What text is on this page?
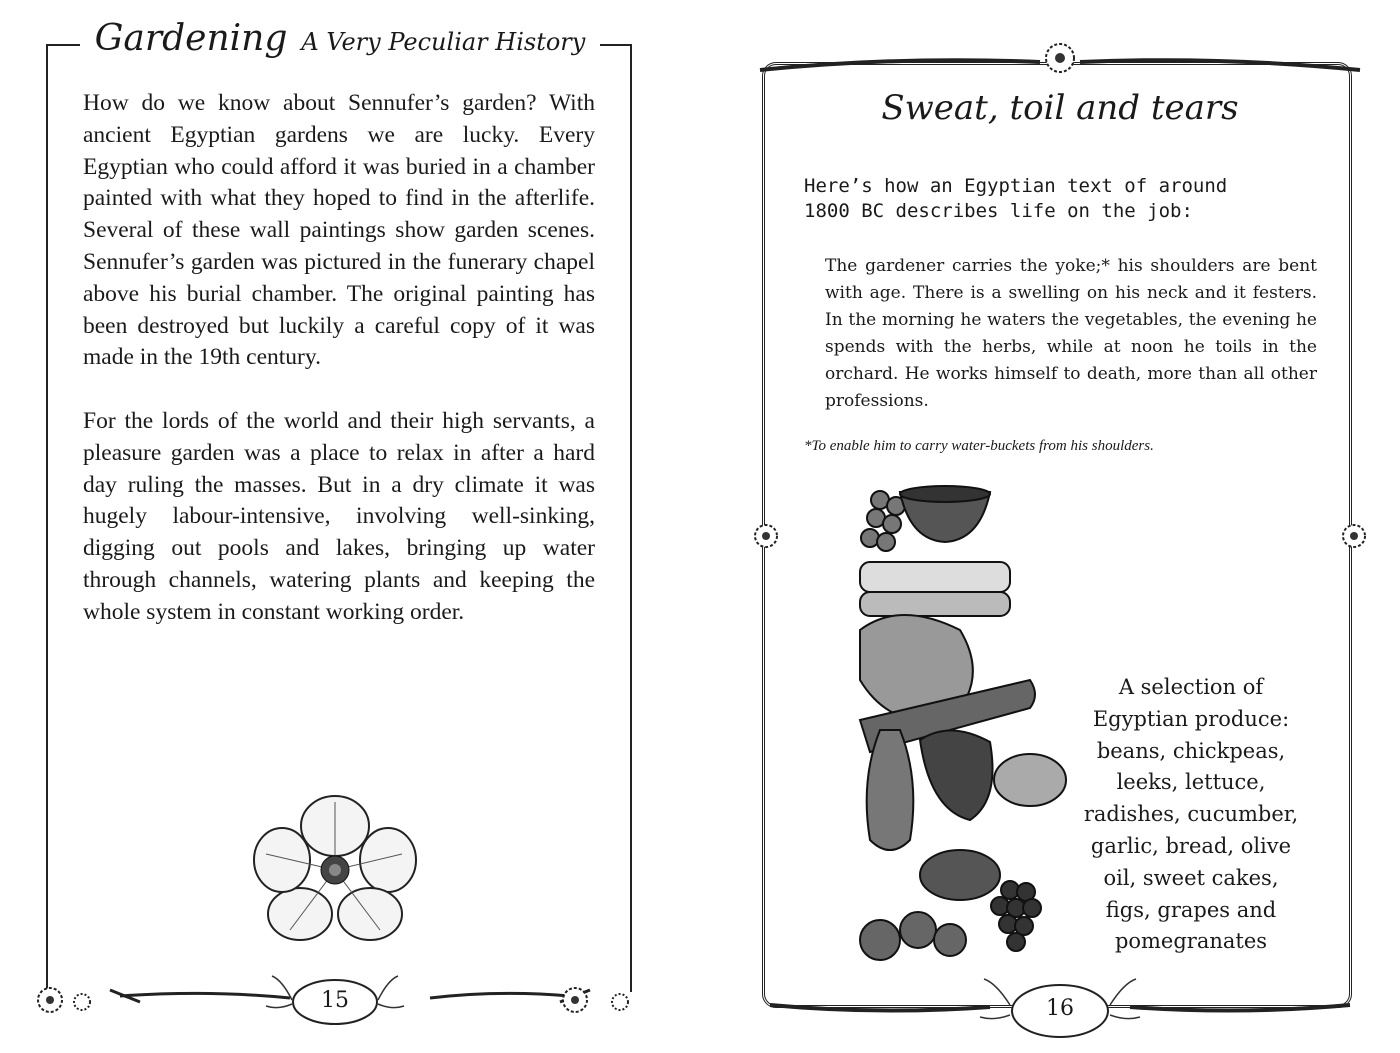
Gardening A Very Peculiar History

How do we know about Sennufer’s garden? With ancient Egyptian gardens we are lucky. Every Egyptian who could afford it was buried in a chamber painted with what they hoped to find in the afterlife. Several of these wall paintings show garden scenes. Sennufer’s garden was pictured in the funerary chapel above his burial chamber. The original painting has been destroyed but luckily a careful copy of it was made in the 19th century.

For the lords of the world and their high servants, a pleasure garden was a place to relax in after a hard day ruling the masses. But in a dry climate it was hugely labour-intensive, involving well-sinking, digging out pools and lakes, bringing up water through channels, watering plants and keeping the whole system in constant working order.

15
Sweat, toil and tears

Here’s how an Egyptian text of around 1800 BC describes life on the job:

The gardener carries the yoke;* his shoulders are bent with age. There is a swelling on his neck and it festers. In the morning he waters the vegetables, the evening he spends with the herbs, while at noon he toils in the orchard. He works himself to death, more than all other professions.

*To enable him to carry water-buckets from his shoulders.

A selection of Egyptian produce: beans, chickpeas, leeks, lettuce, radishes, cucumber, garlic, bread, olive oil, sweet cakes, figs, grapes and pomegranates

16
